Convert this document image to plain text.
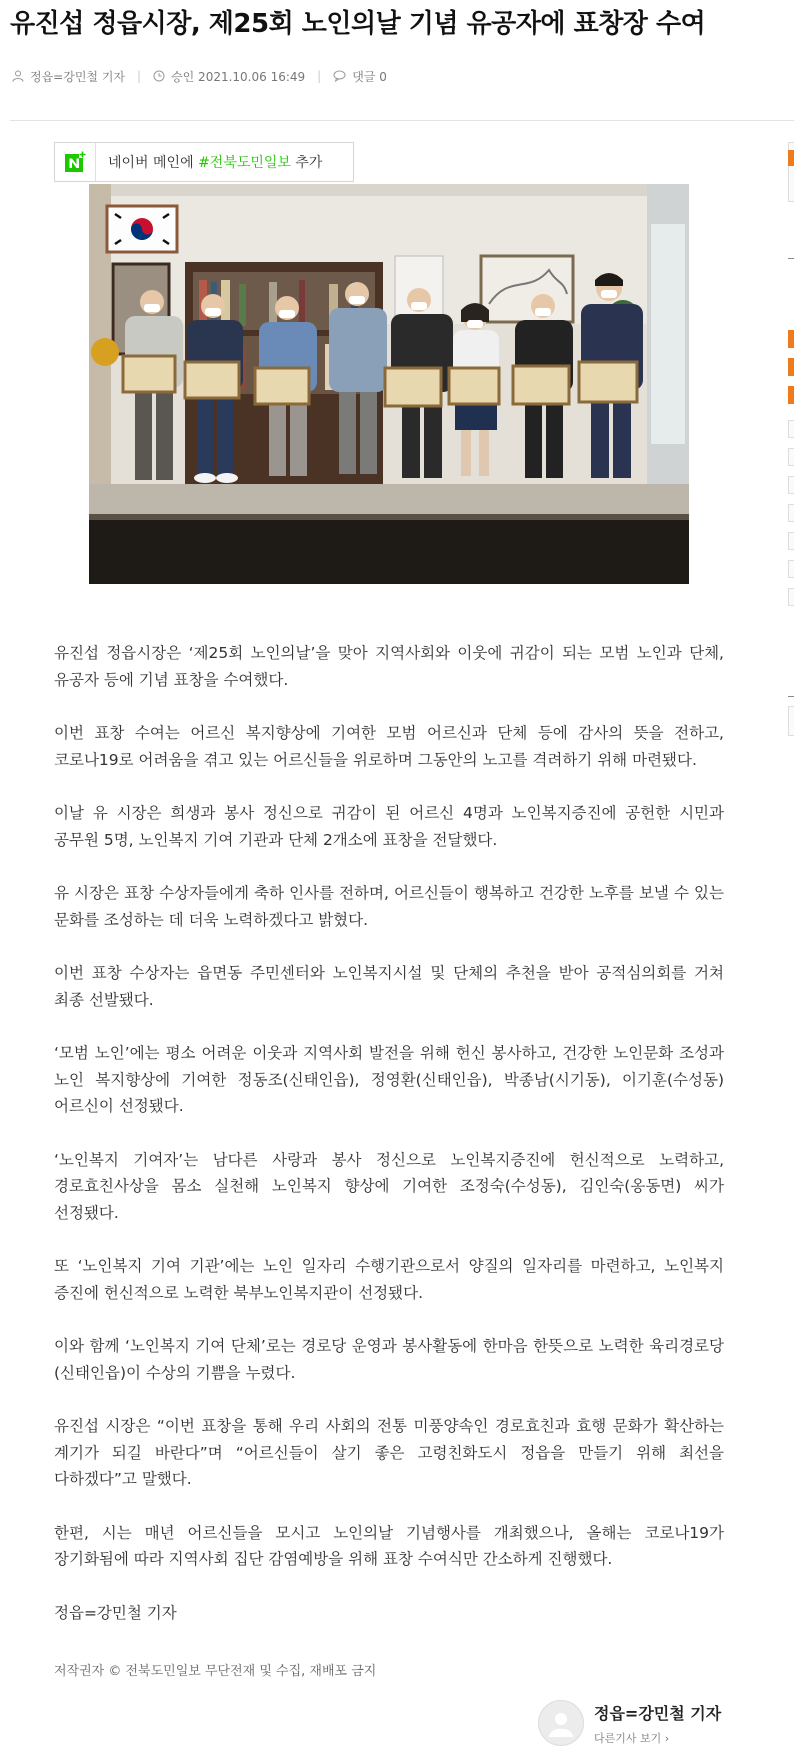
유진섭 정읍시장, 제25회 노인의날 기념 유공자에 표창장 수여
정읍=강민철 기자 |	승인 2021.10.06 16:49 |	댓글 0
네이버 메인에 #전북도민일보 추가

유진섭 정읍시장은 ‘제25회 노인의날’을 맞아 지역사회와 이웃에 귀감이 되는 모범 노인과 단체, 유공자 등에 기념 표창을 수여했다.

이번 표창 수여는 어르신 복지향상에 기여한 모범 어르신과 단체 등에 감사의 뜻을 전하고, 코로나19로 어려움을 겪고 있는 어르신들을 위로하며 그동안의 노고를 격려하기 위해 마련됐다.

이날 유 시장은 희생과 봉사 정신으로 귀감이 된 어르신 4명과 노인복지증진에 공헌한 시민과 공무원 5명, 노인복지 기여 기관과 단체 2개소에 표창을 전달했다.

유 시장은 표창 수상자들에게 축하 인사를 전하며, 어르신들이 행복하고 건강한 노후를 보낼 수 있는 문화를 조성하는 데 더욱 노력하겠다고 밝혔다.

이번 표창 수상자는 읍면동 주민센터와 노인복지시설 및 단체의 추천을 받아 공적심의회를 거쳐 최종 선발됐다.

‘모범 노인’에는 평소 어려운 이웃과 지역사회 발전을 위해 헌신 봉사하고, 건강한 노인문화 조성과 노인 복지향상에 기여한 정동조(신태인읍), 정영환(신태인읍), 박종남(시기동), 이기훈(수성동) 어르신이 선정됐다.

‘노인복지 기여자’는 남다른 사랑과 봉사 정신으로 노인복지증진에 헌신적으로 노력하고, 경로효친사상을 몸소 실천해 노인복지 향상에 기여한 조정숙(수성동), 김인숙(옹동면) 씨가 선정됐다.

또 ‘노인복지 기여 기관’에는 노인 일자리 수행기관으로서 양질의 일자리를 마련하고, 노인복지 증진에 헌신적으로 노력한 북부노인복지관이 선정됐다.

이와 함께 ‘노인복지 기여 단체’로는 경로당 운영과 봉사활동에 한마음 한뜻으로 노력한 육리경로당(신태인읍)이 수상의 기쁨을 누렸다.

유진섭 시장은 “이번 표창을 통해 우리 사회의 전통 미풍양속인 경로효친과 효행 문화가 확산하는 계기가 되길 바란다”며 “어르신들이 살기 좋은 고령친화도시 정읍을 만들기 위해 최선을 다하겠다”고 말했다.

한편, 시는 매년 어르신들을 모시고 노인의날 기념행사를 개최했으나, 올해는 코로나19가 장기화됨에 따라 지역사회 집단 감염예방을 위해 표창 수여식만 간소하게 진행했다.

정읍=강민철 기자

저작권자 © 전북도민일보 무단전재 및 수집, 재배포 금지
정읍=강민철 기자
다른기사 보기 ›
